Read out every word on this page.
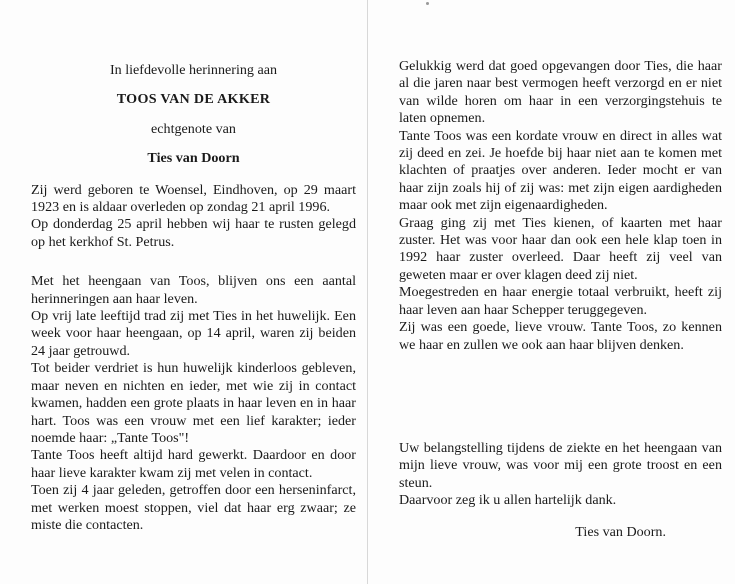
In liefdevolle herinnering aan
TOOS VAN DE AKKER
echtgenote van
Ties van Doorn

Zij werd geboren te Woensel, Eindhoven, op 29 maart 1923 en is aldaar overleden op zondag 21 april 1996.

Op donderdag 25 april hebben wij haar te rusten gelegd op het kerkhof St. Petrus.

Met het heengaan van Toos, blijven ons een aantal herinneringen aan haar leven.

Op vrij late leeftijd trad zij met Ties in het huwelijk. Een week voor haar heengaan, op 14 april, waren zij beiden 24 jaar getrouwd.

Tot beider verdriet is hun huwelijk kinderloos gebleven, maar neven en nichten en ieder, met wie zij in contact kwamen, hadden een grote plaats in haar leven en in haar hart. Toos was een vrouw met een lief karakter; ieder noemde haar: „Tante Toos"!

Tante Toos heeft altijd hard gewerkt. Daardoor en door haar lieve karakter kwam zij met velen in contact.

Toen zij 4 jaar geleden, getroffen door een herseninfarct, met werken moest stoppen, viel dat haar erg zwaar; ze miste die contacten.

Gelukkig werd dat goed opgevangen door Ties, die haar al die jaren naar best vermogen heeft verzorgd en er niet van wilde horen om haar in een verzorgingstehuis te laten opnemen.

Tante Toos was een kordate vrouw en direct in alles wat zij deed en zei. Je hoefde bij haar niet aan te komen met klachten of praatjes over anderen. Ieder mocht er van haar zijn zoals hij of zij was: met zijn eigen aardigheden maar ook met zijn eigenaardigheden.

Graag ging zij met Ties kienen, of kaarten met haar zuster. Het was voor haar dan ook een hele klap toen in 1992 haar zuster overleed. Daar heeft zij veel van geweten maar er over klagen deed zij niet.

Moegestreden en haar energie totaal verbruikt, heeft zij haar leven aan haar Schepper teruggegeven.

Zij was een goede, lieve vrouw. Tante Toos, zo kennen we haar en zullen we ook aan haar blijven denken.

Uw belangstelling tijdens de ziekte en het heengaan van mijn lieve vrouw, was voor mij een grote troost en een steun.

Daarvoor zeg ik u allen hartelijk dank.

Ties van Doorn.
